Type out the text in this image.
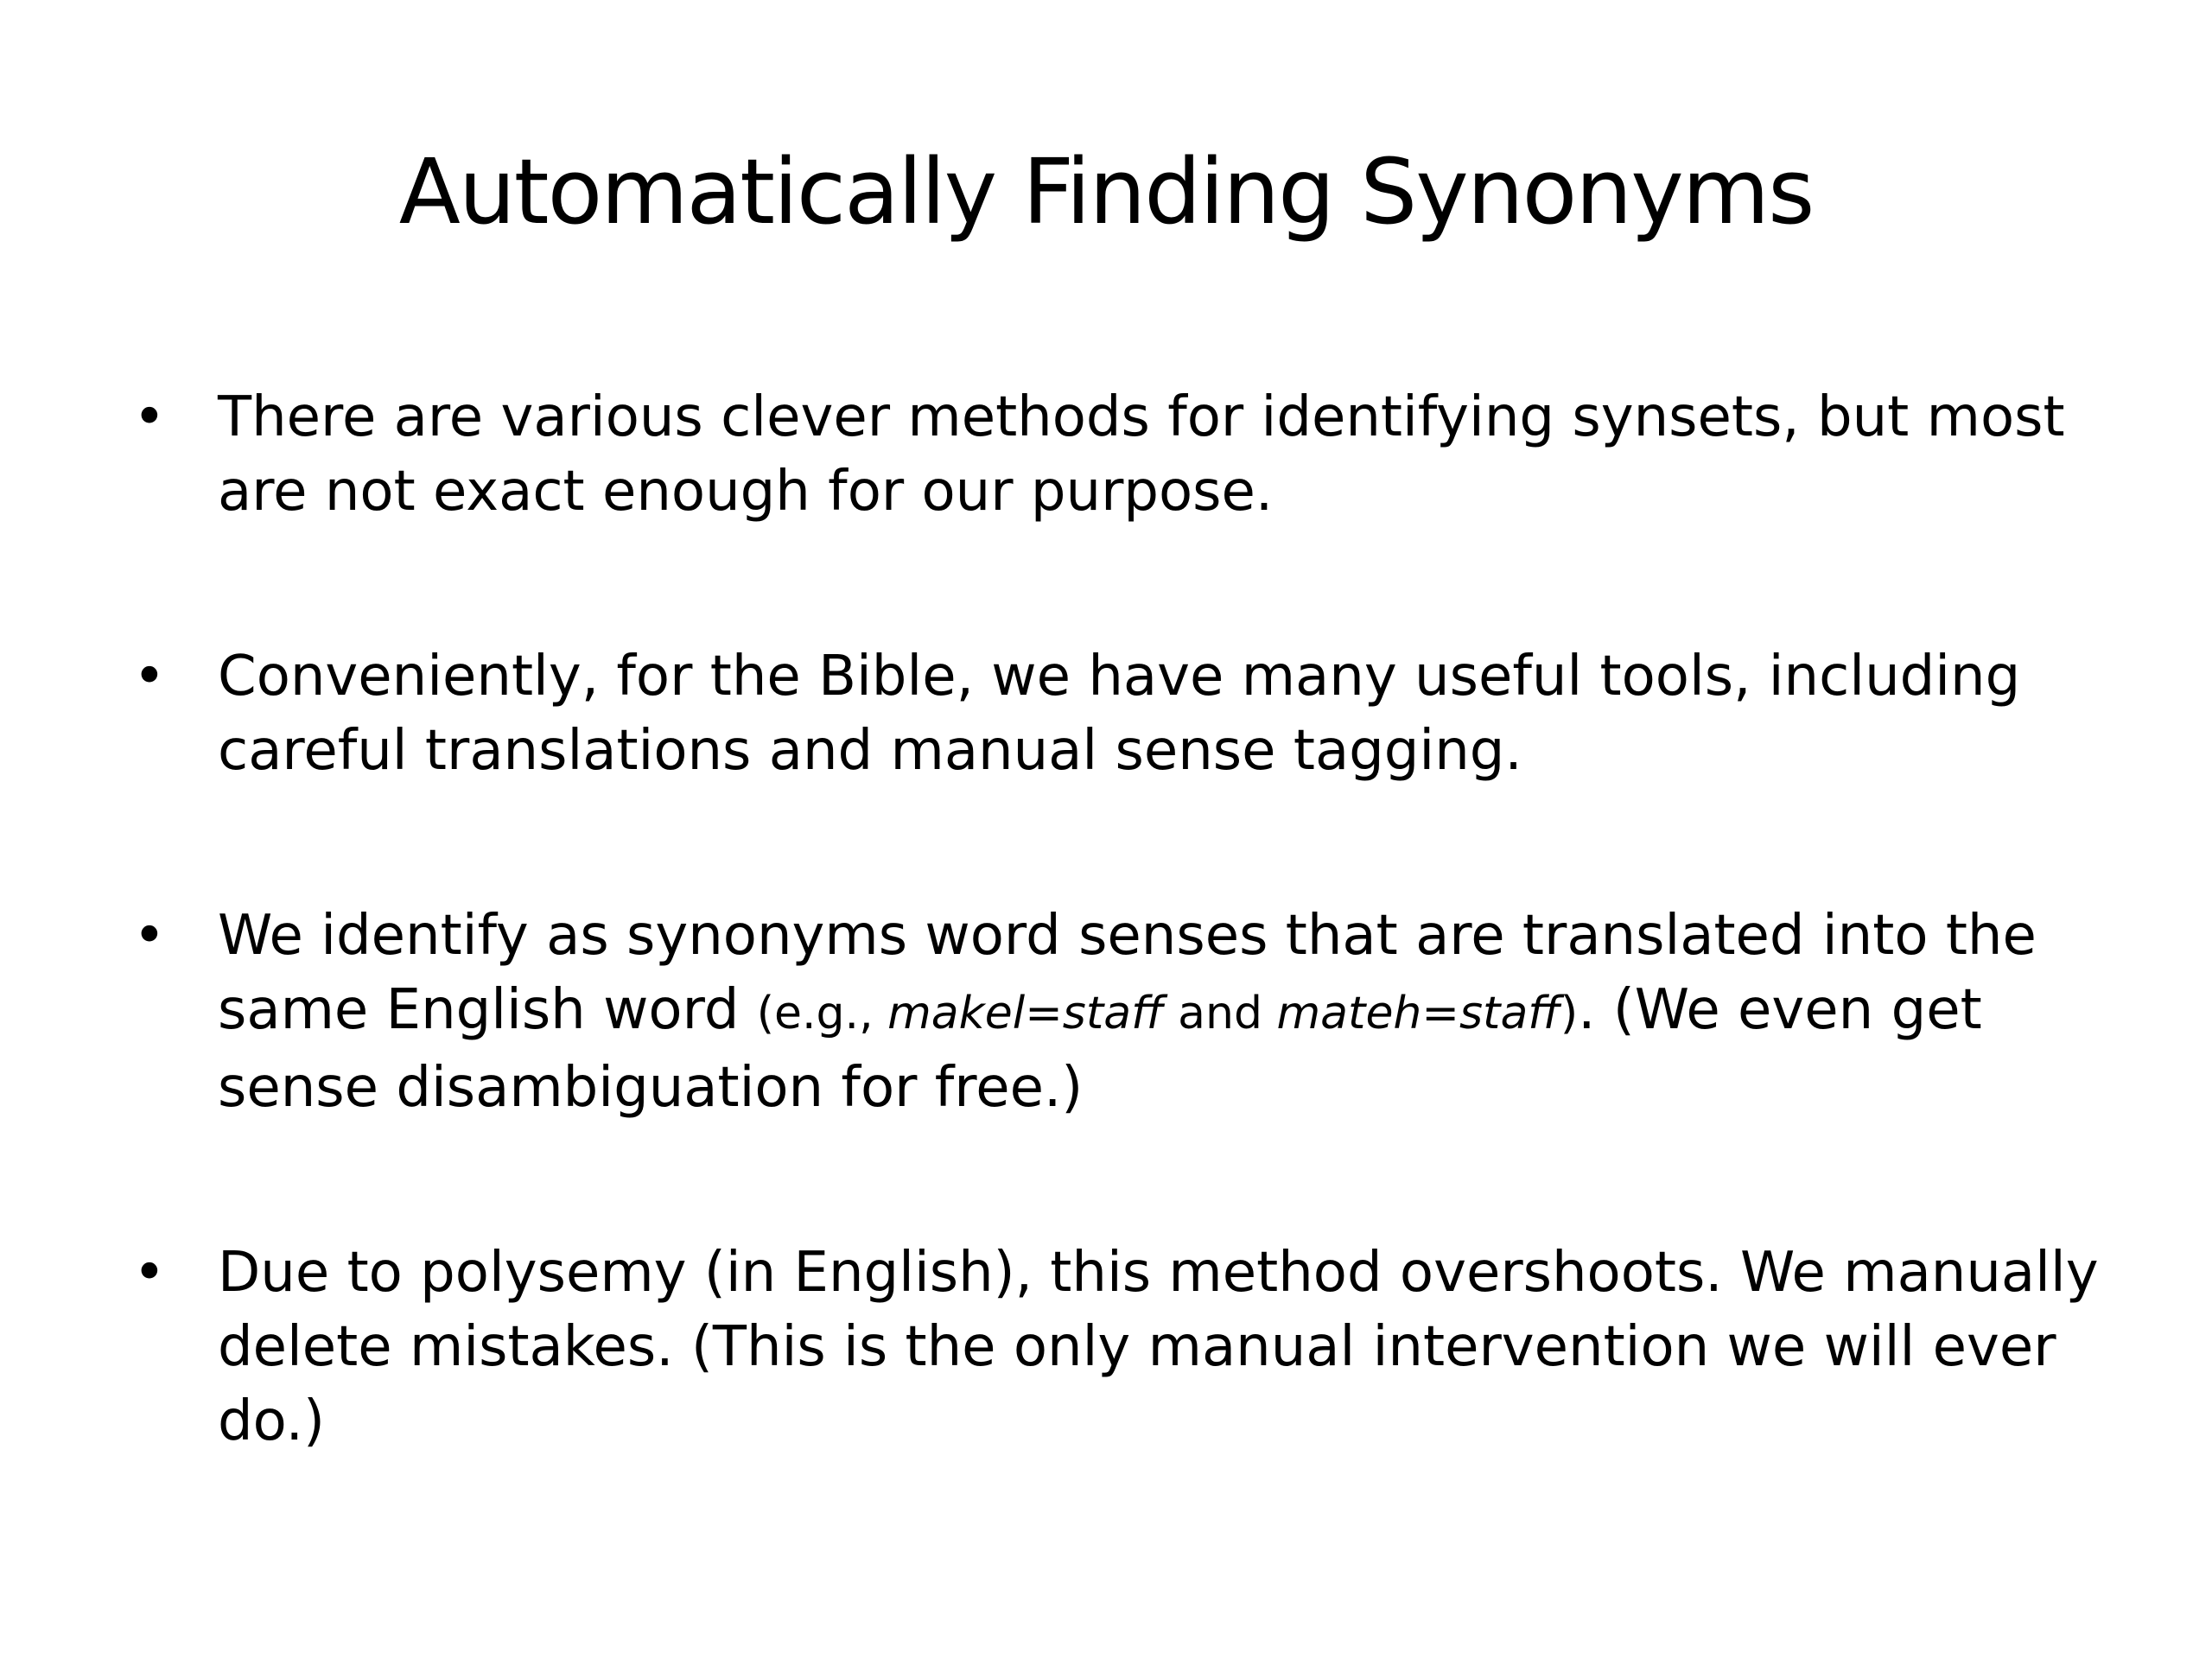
Automatically Finding Synonyms
• There are various clever methods for identifying synsets, but most are not exact enough for our purpose.
• Conveniently, for the Bible, we have many useful tools, including careful translations and manual sense tagging.
• We identify as synonyms word senses that are translated into the same English word (e.g., makel=staff and mateh=staff). (We even get sense disambiguation for free.)
• Due to polysemy (in English), this method overshoots. We manually delete mistakes. (This is the only manual intervention we will ever do.)
